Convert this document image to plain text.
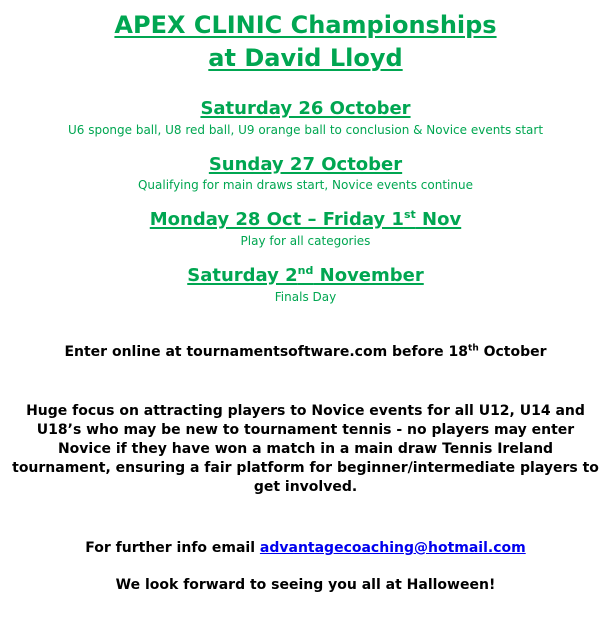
APEX CLINIC Championships
at David Lloyd
Saturday 26 October
U6 sponge ball, U8 red ball, U9 orange ball to conclusion & Novice events start
Sunday 27 October
Qualifying for main draws start, Novice events continue
Monday 28 Oct – Friday 1st Nov
Play for all categories
Saturday 2nd November
Finals Day
Enter online at tournamentsoftware.com before 18th October
Huge focus on attracting players to Novice events for all U12, U14 and U18’s who may be new to tournament tennis - no players may enter Novice if they have won a match in a main draw Tennis Ireland tournament, ensuring a fair platform for beginner/intermediate players to get involved.
For further info email advantagecoaching@hotmail.com
We look forward to seeing you all at Halloween!
